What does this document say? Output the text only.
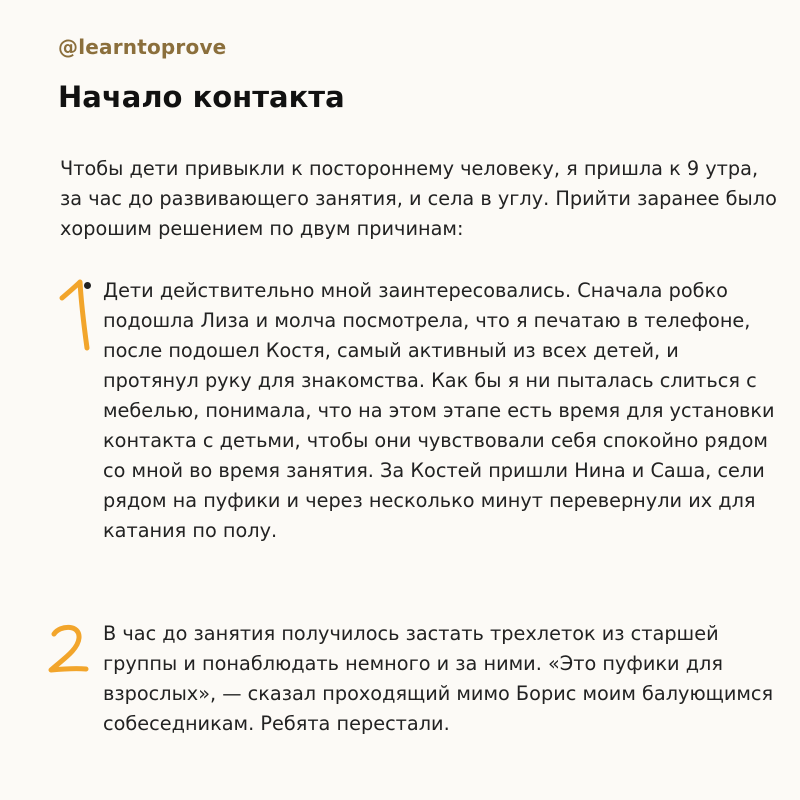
@learntoprove
Начало контакта

Чтобы дети привыкли к постороннему человеку, я пришла к 9 утра, за час до развивающего занятия, и села в углу. Прийти заранее было хорошим решением по двум причинам:

Дети действительно мной заинтересовались. Сначала робко подошла Лиза и молча посмотрела, что я печатаю в телефоне, после подошел Костя, самый активный из всех детей, и протянул руку для знакомства. Как бы я ни пыталась слиться с мебелью, понимала, что на этом этапе есть время для установки контакта с детьми, чтобы они чувствовали себя спокойно рядом со мной во время занятия. За Костей пришли Нина и Саша, сели рядом на пуфики и через несколько минут перевернули их для катания по полу.

В час до занятия получилось застать трехлеток из старшей группы и понаблюдать немного и за ними. «Это пуфики для взрослых», — сказал проходящий мимо Борис моим балующимся собеседникам. Ребята перестали.
